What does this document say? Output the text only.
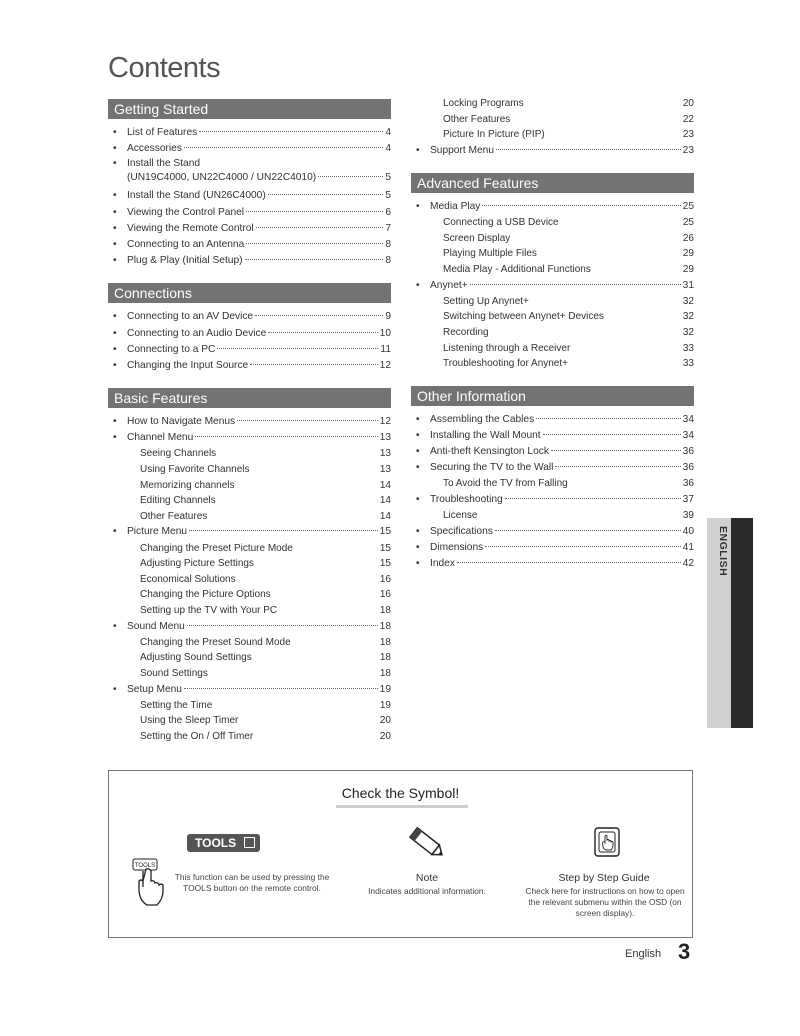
Contents
Getting Started
• List of Features	4
• Accessories	4
• Install the Stand
(UN19C4000, UN22C4000 / UN22C4010)	5
• Install the Stand (UN26C4000)	5
• Viewing the Control Panel	6
• Viewing the Remote Control	7
• Connecting to an Antenna	8
• Plug & Play (Initial Setup)	8
Connections
• Connecting to an AV Device	9
• Connecting to an Audio Device	10
• Connecting to a PC	11
• Changing the Input Source	12
Basic Features
• How to Navigate Menus	12
• Channel Menu	13
Seeing Channels	13
Using Favorite Channels	13
Memorizing channels	14
Editing Channels	14
Other Features	14
• Picture Menu	15
Changing the Preset Picture Mode	15
Adjusting Picture Settings	15
Economical Solutions	16
Changing the Picture Options	16
Setting up the TV with Your PC	18
• Sound Menu	18
Changing the Preset Sound Mode	18
Adjusting Sound Settings	18
Sound Settings	18
• Setup Menu	19
Setting the Time	19
Using the Sleep Timer	20
Setting the On / Off Timer	20
Locking Programs	20
Other Features	22
Picture In Picture (PIP)	23
• Support Menu	23
Advanced Features
• Media Play	25
Connecting a USB Device	25
Screen Display	26
Playing Multiple Files	29
Media Play - Additional Functions	29
• Anynet+	31
Setting Up Anynet+	32
Switching between Anynet+ Devices	32
Recording	32
Listening through a Receiver	33
Troubleshooting for Anynet+	33
Other Information
• Assembling the Cables	34
• Installing the Wall Mount	34
• Anti-theft Kensington Lock	36
• Securing the TV to the Wall	36
To Avoid the TV from Falling	36
• Troubleshooting	37
License	39
• Specifications	40
• Dimensions	41
• Index	42	ENGLISH
Check the Symbol!
TOOLS
TOOLS
This function can be used by pressing the TOOLS button on the remote control.
Note
Indicates additional information.
Step by Step Guide
Check here for instructions on how to open the relevant submenu within the OSD (on screen display).
English 3
